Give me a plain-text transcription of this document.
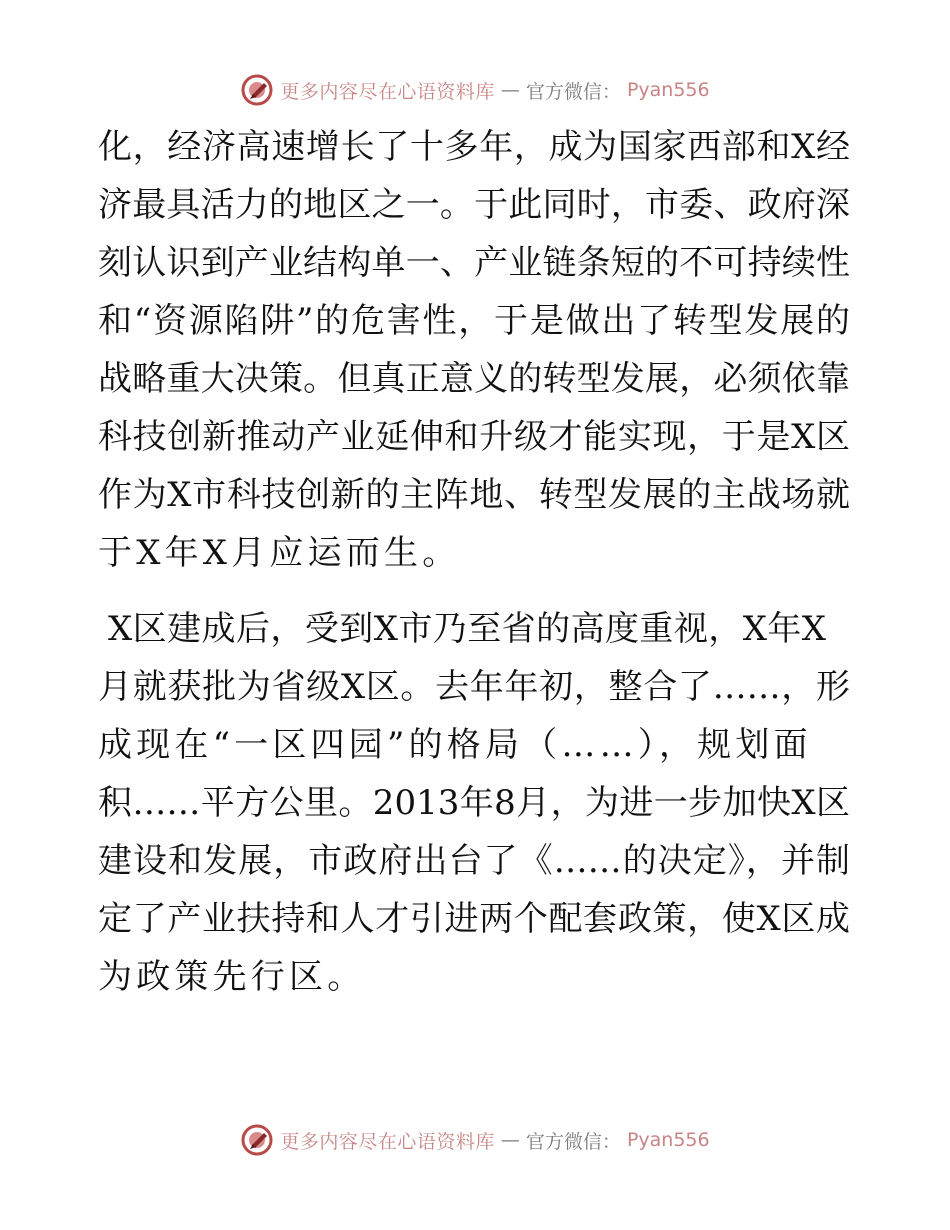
更多内容尽在心语资料库 — 官方微信： Pyan556
化，经济高速增长了十多年，成为国家西部和X经
济最具活力的地区之一。于此同时，市委、政府深
刻认识到产业结构单一、产业链条短的不可持续性
和“资源陷阱”的危害性，于是做出了转型发展的
战略重大决策。但真正意义的转型发展，必须依靠
科技创新推动产业延伸和升级才能实现，于是X区
作为X市科技创新的主阵地、转型发展的主战场就
于X年X月应运而生。
X区建成后，受到X市乃至省的高度重视，X年X
月就获批为省级X区。去年年初，整合了……，形
成现在“一区四园”的格局（……），规划面
积……平方公里。2013年8月，为进一步加快X区
建设和发展，市政府出台了《……的决定》，并制
定了产业扶持和人才引进两个配套政策，使X区成
为政策先行区。
更多内容尽在心语资料库 — 官方微信： Pyan556
